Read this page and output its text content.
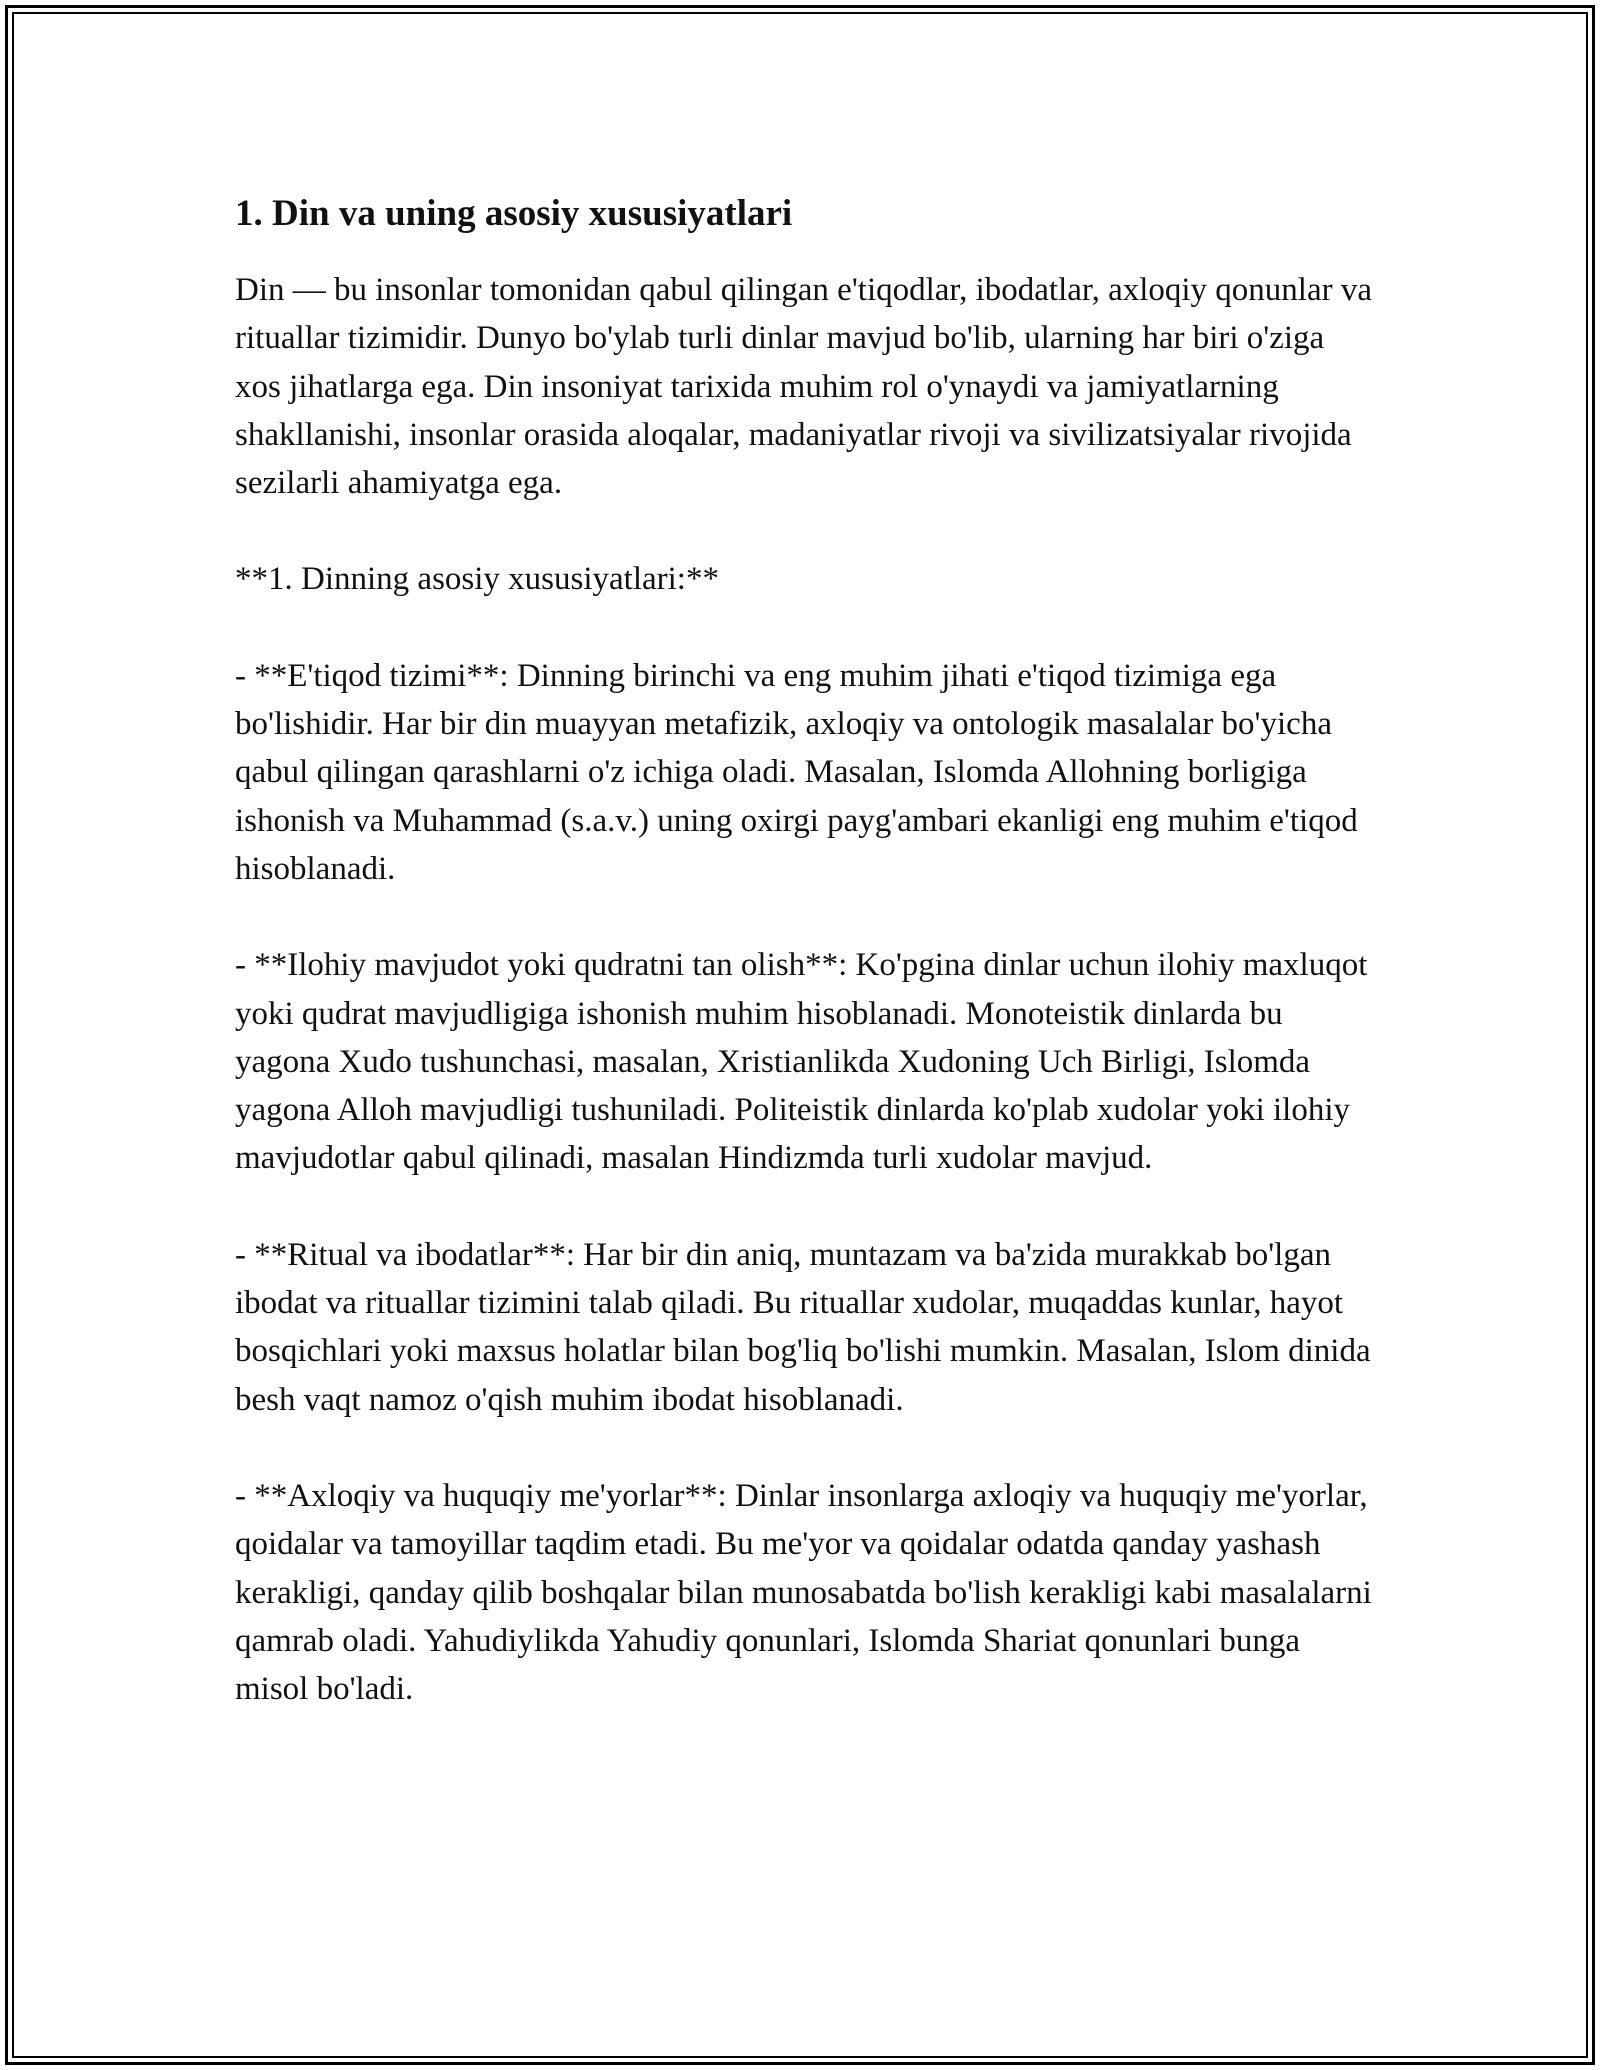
1. Din va uning asosiy xususiyatlari

Din — bu insonlar tomonidan qabul qilingan e'tiqodlar, ibodatlar, axloqiy qonunlar va rituallar tizimidir. Dunyo bo'ylab turli dinlar mavjud bo'lib, ularning har biri o'ziga xos jihatlarga ega. Din insoniyat tarixida muhim rol o'ynaydi va jamiyatlarning shakllanishi, insonlar orasida aloqalar, madaniyatlar rivoji va sivilizatsiyalar rivojida sezilarli ahamiyatga ega.

**1. Dinning asosiy xususiyatlari:**

- **E'tiqod tizimi**: Dinning birinchi va eng muhim jihati e'tiqod tizimiga ega bo'lishidir. Har bir din muayyan metafizik, axloqiy va ontologik masalalar bo'yicha qabul qilingan qarashlarni o'z ichiga oladi. Masalan, Islomda Allohning borligiga ishonish va Muhammad (s.a.v.) uning oxirgi payg'ambari ekanligi eng muhim e'tiqod hisoblanadi.

- **Ilohiy mavjudot yoki qudratni tan olish**: Ko'pgina dinlar uchun ilohiy maxluqot yoki qudrat mavjudligiga ishonish muhim hisoblanadi. Monoteistik dinlarda bu yagona Xudo tushunchasi, masalan, Xristianlikda Xudoning Uch Birligi, Islomda yagona Alloh mavjudligi tushuniladi. Politeistik dinlarda ko'plab xudolar yoki ilohiy mavjudotlar qabul qilinadi, masalan Hindizmda turli xudolar mavjud.

- **Ritual va ibodatlar**: Har bir din aniq, muntazam va ba'zida murakkab bo'lgan ibodat va rituallar tizimini talab qiladi. Bu rituallar xudolar, muqaddas kunlar, hayot bosqichlari yoki maxsus holatlar bilan bog'liq bo'lishi mumkin. Masalan, Islom dinida besh vaqt namoz o'qish muhim ibodat hisoblanadi.

- **Axloqiy va huquqiy me'yorlar**: Dinlar insonlarga axloqiy va huquqiy me'yorlar, qoidalar va tamoyillar taqdim etadi. Bu me'yor va qoidalar odatda qanday yashash kerakligi, qanday qilib boshqalar bilan munosabatda bo'lish kerakligi kabi masalalarni qamrab oladi. Yahudiylikda Yahudiy qonunlari, Islomda Shariat qonunlari bunga misol bo'ladi.
